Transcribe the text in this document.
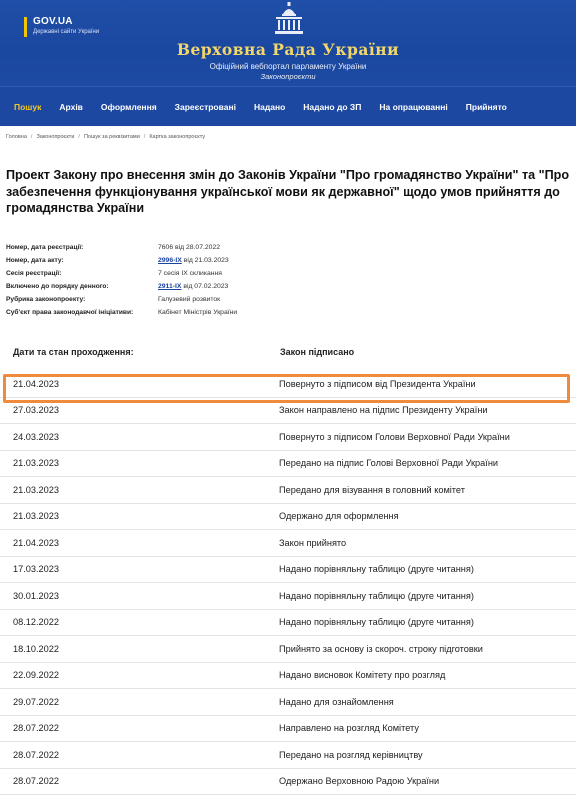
GOV.UA
Державні сайти України
Верховна Рада України
Офіційний вебпортал парламенту України
Законопроєкти
Пошук Архів Оформлення Зареєстровані Надано Надано до ЗП На опрацюванні Прийнято
Головна / Законопроєкти / Пошук за реквізитами / Картка законопроєкту
Проект Закону про внесення змін до Законів України "Про громадянство України" та "Про забезпечення функціонування української мови як державної" щодо умов прийняття до громадянства України
Номер, дата реєстрації:	7606 від 28.07.2022
Номер, дата акту:	2996-IX від 21.03.2023
Сесія реєстрації:	7 сесія IX скликання
Включено до порядку денного:	2911-IX від 07.02.2023
Рубрика законопроекту:	Галузевий розвиток
Суб'єкт права законодавчої ініціативи:	Кабінет Міністрів України
Дати та стан проходження:	Закон підписано
21.04.2023	Повернуто з підписом від Президента України
27.03.2023	Закон направлено на підпис Президенту України
24.03.2023	Повернуто з підписом Голови Верховної Ради України
21.03.2023	Передано на підпис Голові Верховної Ради України
21.03.2023	Передано для візування в головний комітет
21.03.2023	Одержано для оформлення
21.04.2023	Закон прийнято
17.03.2023	Надано порівняльну таблицю (друге читання)
30.01.2023	Надано порівняльну таблицю (друге читання)
08.12.2022	Надано порівняльну таблицю (друге читання)
18.10.2022	Прийнято за основу із скороч. строку підготовки
22.09.2022	Надано висновок Комітету про розгляд
29.07.2022	Надано для ознайомлення
28.07.2022	Направлено на розгляд Комітету
28.07.2022	Передано на розгляд керівництву
28.07.2022	Одержано Верховною Радою України
